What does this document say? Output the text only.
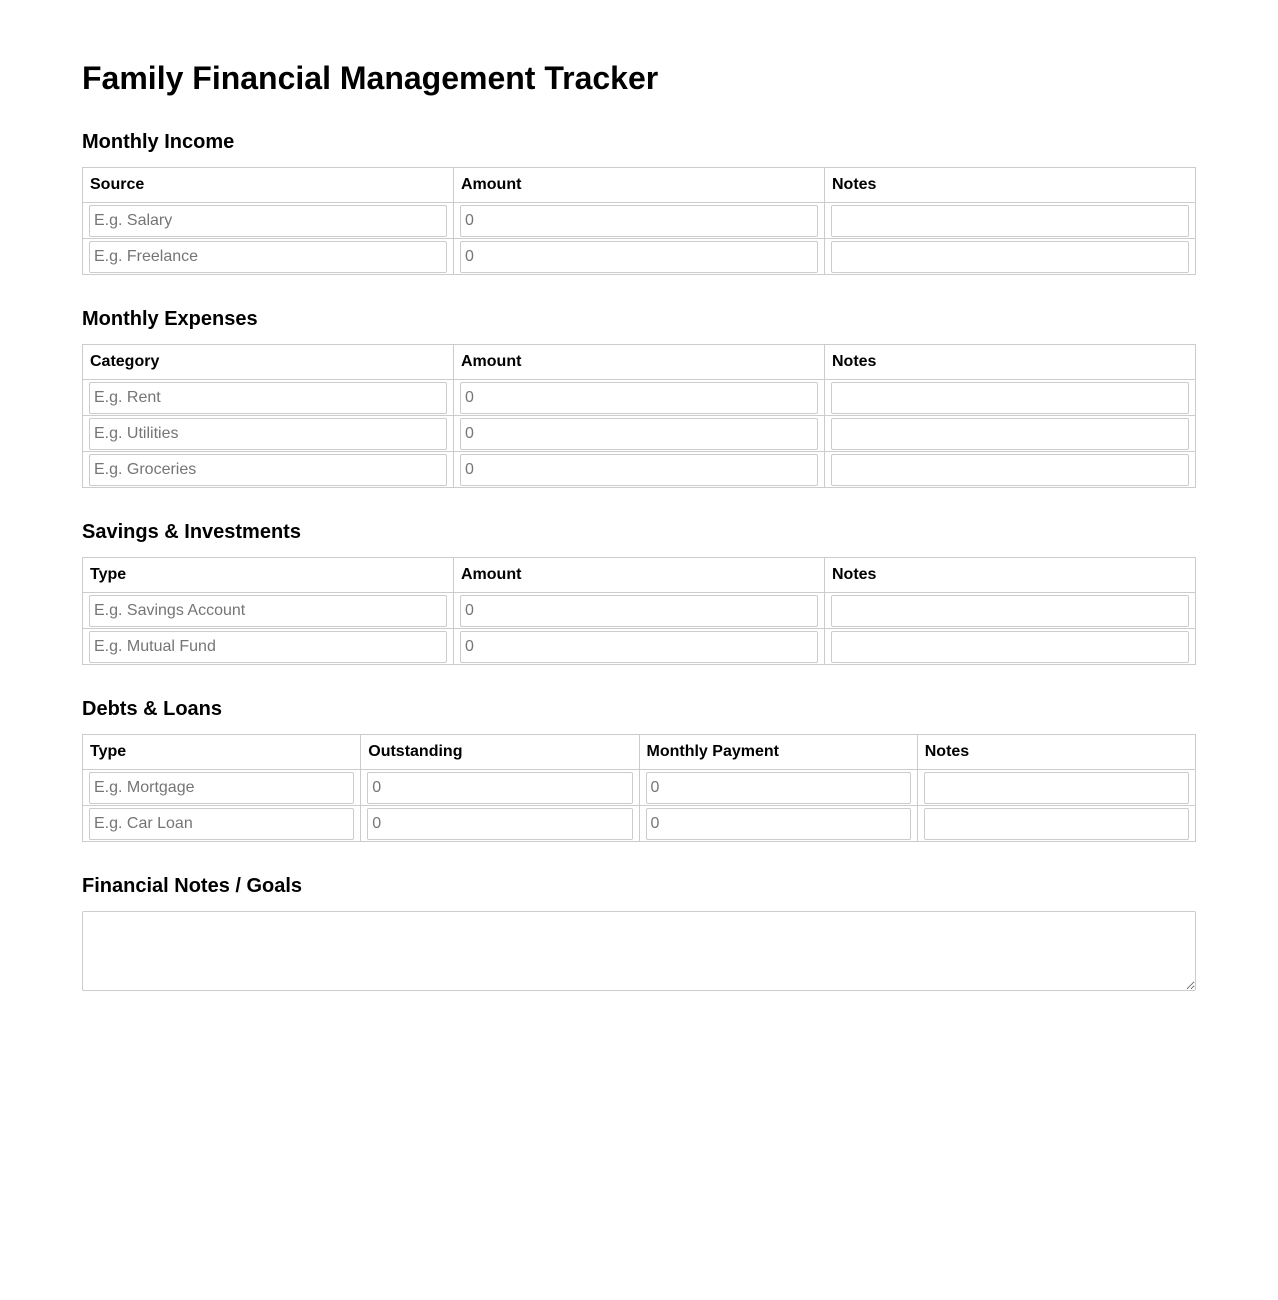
Family Financial Management Tracker
Monthly Income
Source	Amount	Notes

E.g. Salary	0	

E.g. Freelance	0	

Monthly Expenses
Category	Amount	Notes

E.g. Rent	0	

E.g. Utilities	0	

E.g. Groceries	0	

Savings & Investments
Type	Amount	Notes

E.g. Savings Account	0	

E.g. Mutual Fund	0	

Debts & Loans
Type	Outstanding	Monthly Payment	Notes

E.g. Mortgage	0	0	

E.g. Car Loan	0	0	

Financial Notes / Goals
